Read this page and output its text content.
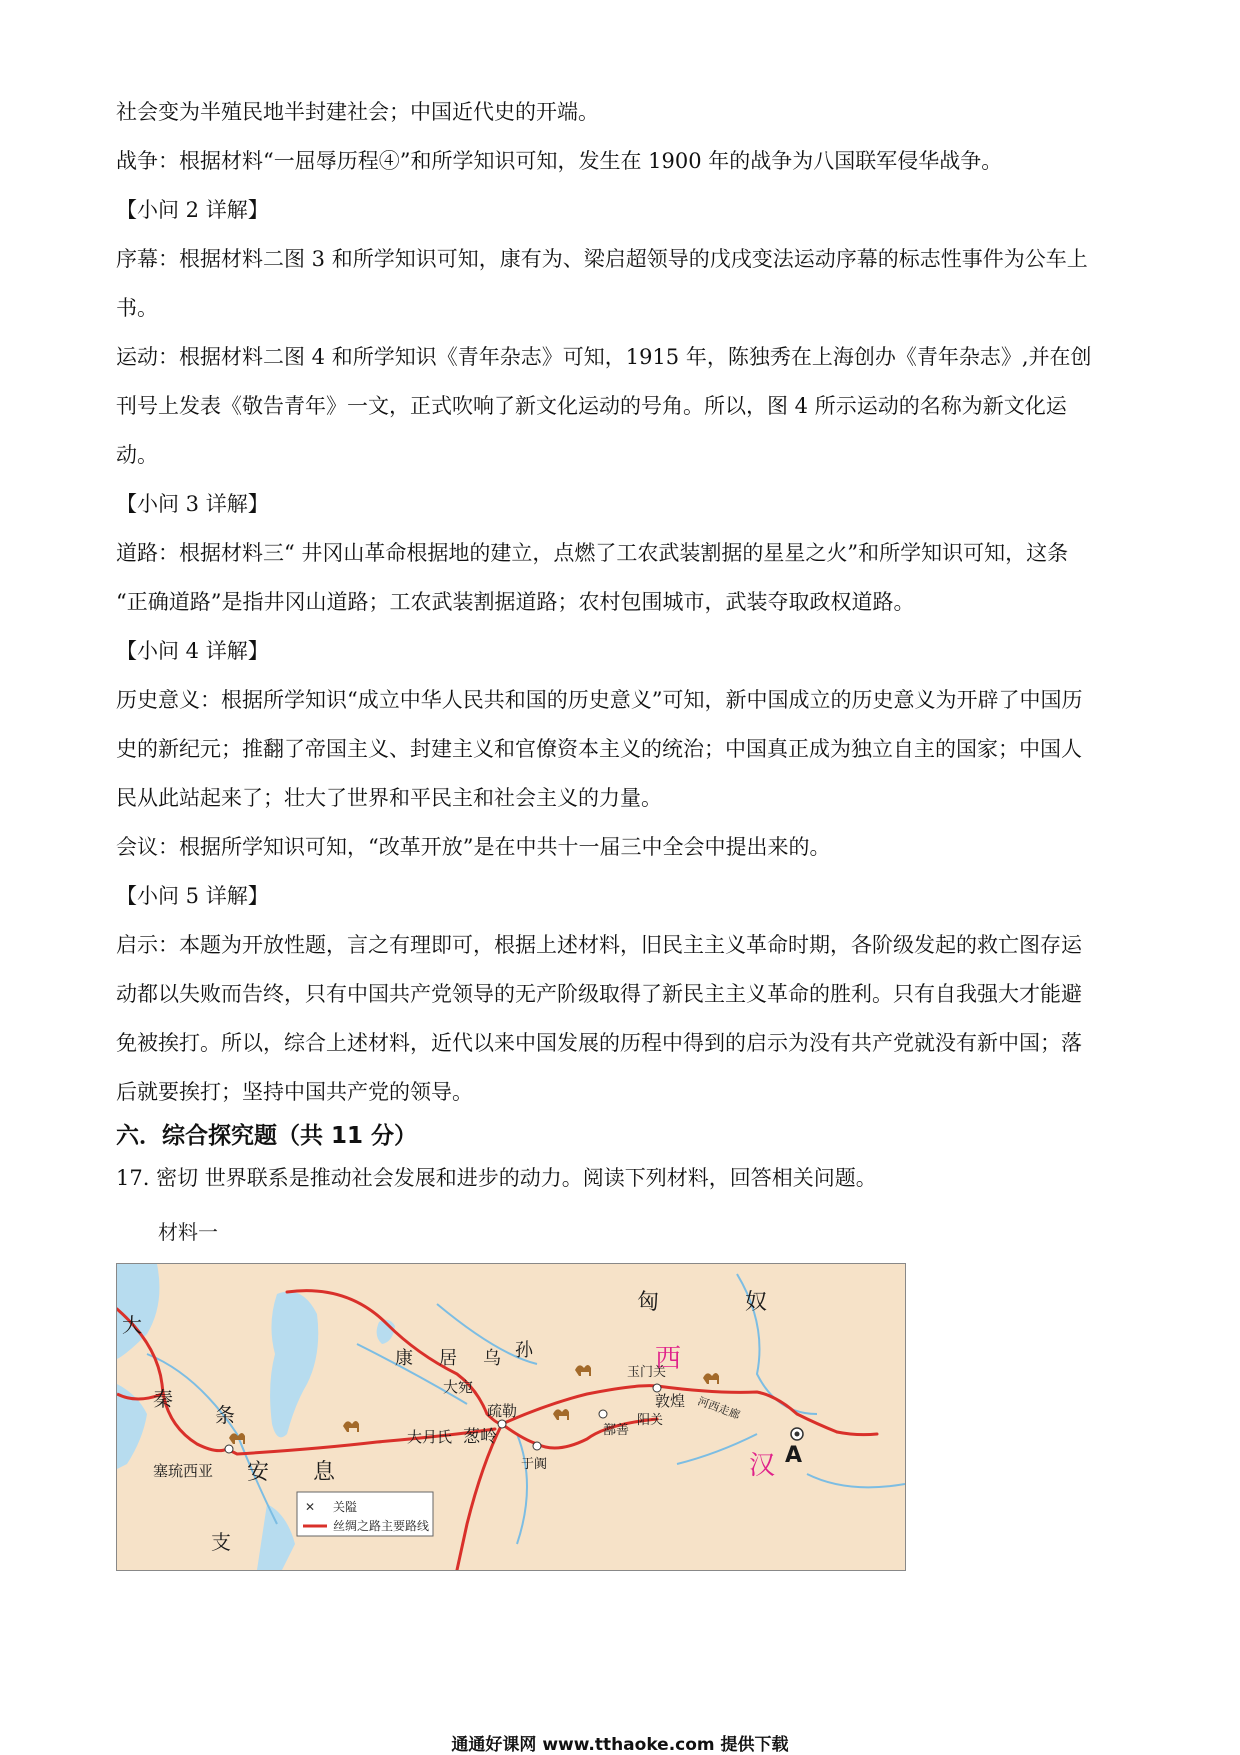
社会变为半殖民地半封建社会；中国近代史的开端。
战争：根据材料“一屈辱历程④”和所学知识可知，发生在 1900 年的战争为八国联军侵华战争。
【小问 2 详解】
序幕：根据材料二图 3 和所学知识可知，康有为、梁启超领导的戊戌变法运动序幕的标志性事件为公车上
书。
运动：根据材料二图 4 和所学知识《青年杂志》可知，1915 年，陈独秀在上海创办《青年杂志》,并在创
刊号上发表《敬告青年》一文，正式吹响了新文化运动的号角。所以，图 4 所示运动的名称为新文化运
动。
【小问 3 详解】
道路：根据材料三“ 井冈山革命根据地的建立，点燃了工农武装割据的星星之火”和所学知识可知，这条
“正确道路”是指井冈山道路；工农武装割据道路；农村包围城市，武装夺取政权道路。
【小问 4 详解】
历史意义：根据所学知识“成立中华人民共和国的历史意义”可知，新中国成立的历史意义为开辟了中国历
史的新纪元；推翻了帝国主义、封建主义和官僚资本主义的统治；中国真正成为独立自主的国家；中国人
民从此站起来了；壮大了世界和平民主和社会主义的力量。
会议：根据所学知识可知，“改革开放”是在中共十一届三中全会中提出来的。
【小问 5 详解】
启示：本题为开放性题，言之有理即可，根据上述材料，旧民主主义革命时期，各阶级发起的救亡图存运
动都以失败而告终，只有中国共产党领导的无产阶级取得了新民主主义革命的胜利。只有自我强大才能避
免被挨打。所以，综合上述材料，近代以来中国发展的历程中得到的启示为没有共产党就没有新中国；落
后就要挨打；坚持中国共产党的领导。
六．综合探究题（共 11 分）
17. 密切 世界联系是推动社会发展和进步的动力。阅读下列材料，回答相关问题。
材料一
匈	奴
西
汉 A
大
秦
条
支
康 居 乌 孙
大宛
疏勒
葱岭
大月氏
安 息
塞琉西亚
玉门关
敦煌
阳关
鄯善
于阗
河西走廊
✕ 关隘
丝绸之路主要路线
通通好课网 www.tthaoke.com 提供下载
